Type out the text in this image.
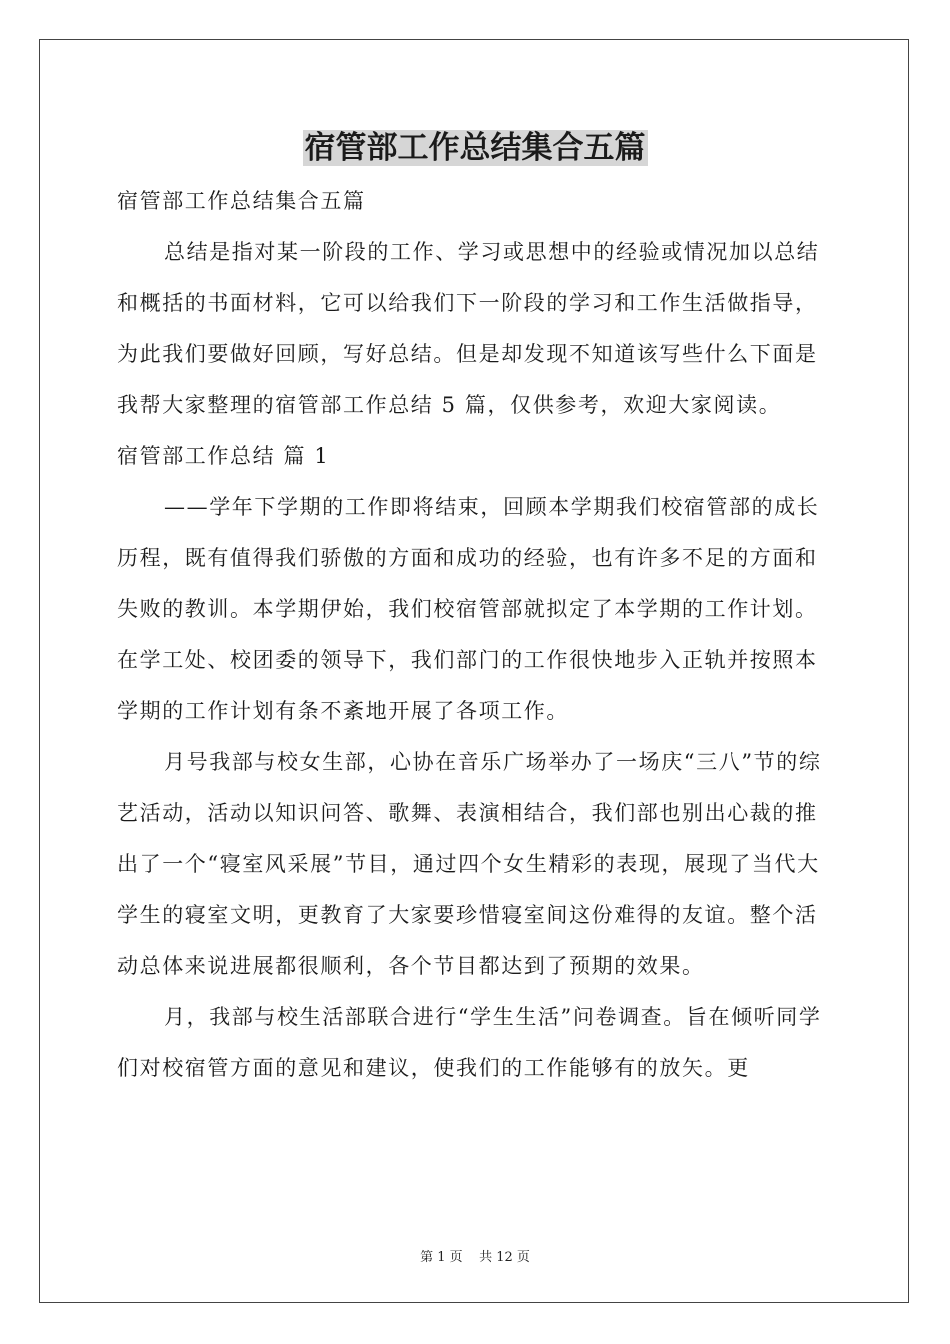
宿管部工作总结集合五篇

宿管部工作总结集合五篇

总结是指对某一阶段的工作、学习或思想中的经验或情况加以总结和概括的书面材料，它可以给我们下一阶段的学习和工作生活做指导，为此我们要做好回顾，写好总结。但是却发现不知道该写些什么下面是我帮大家整理的宿管部工作总结 5 篇，仅供参考，欢迎大家阅读。

宿管部工作总结 篇 1

——学年下学期的工作即将结束，回顾本学期我们校宿管部的成长历程，既有值得我们骄傲的方面和成功的经验，也有许多不足的方面和失败的教训。本学期伊始，我们校宿管部就拟定了本学期的工作计划。在学工处、校团委的领导下，我们部门的工作很快地步入正轨并按照本学期的工作计划有条不紊地开展了各项工作。

月号我部与校女生部，心协在音乐广场举办了一场庆“三八”节的综艺活动，活动以知识问答、歌舞、表演相结合，我们部也别出心裁的推出了一个“寝室风采展”节目，通过四个女生精彩的表现，展现了当代大学生的寝室文明，更教育了大家要珍惜寝室间这份难得的友谊。整个活动总体来说进展都很顺利，各个节目都达到了预期的效果。

月，我部与校生活部联合进行“学生生活”问卷调查。旨在倾听同学们对校宿管方面的意见和建议，使我们的工作能够有的放矢。更

第 1 页    共 12 页
